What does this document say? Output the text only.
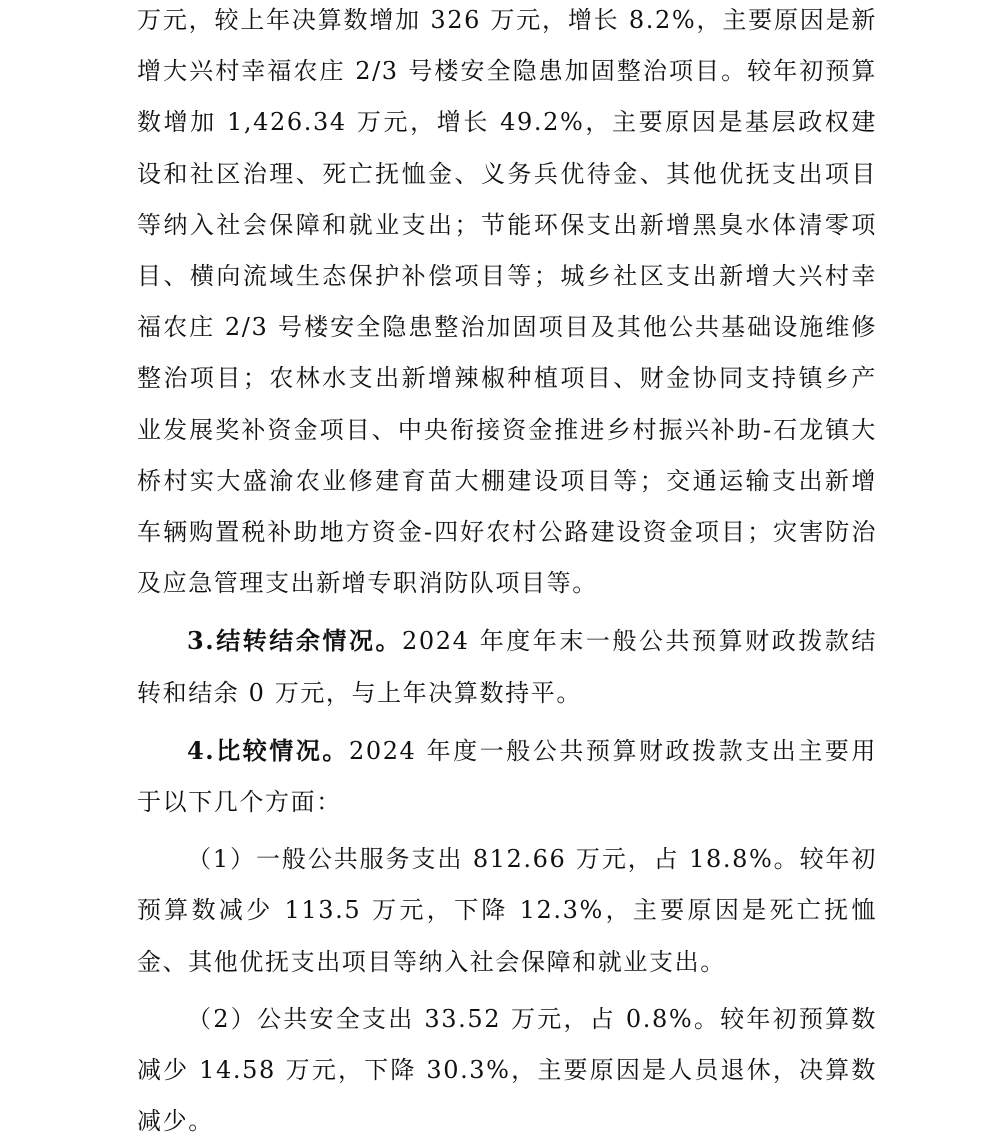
万元，较上年决算数增加 326 万元，增长 8.2%，主要原因是新增大兴村幸福农庄 2/3 号楼安全隐患加固整治项目。较年初预算数增加 1,426.34 万元，增长 49.2%，主要原因是基层政权建设和社区治理、死亡抚恤金、义务兵优待金、其他优抚支出项目等纳入社会保障和就业支出；节能环保支出新增黑臭水体清零项目、横向流域生态保护补偿项目等；城乡社区支出新增大兴村幸福农庄 2/3 号楼安全隐患整治加固项目及其他公共基础设施维修整治项目；农林水支出新增辣椒种植项目、财金协同支持镇乡产业发展奖补资金项目、中央衔接资金推进乡村振兴补助-石龙镇大桥村实大盛渝农业修建育苗大棚建设项目等；交通运输支出新增车辆购置税补助地方资金-四好农村公路建设资金项目；灾害防治及应急管理支出新增专职消防队项目等。

3.结转结余情况。2024 年度年末一般公共预算财政拨款结转和结余 0 万元，与上年决算数持平。

4.比较情况。2024 年度一般公共预算财政拨款支出主要用于以下几个方面：

（1）一般公共服务支出 812.66 万元，占 18.8%。较年初预算数减少 113.5 万元，下降 12.3%，主要原因是死亡抚恤金、其他优抚支出项目等纳入社会保障和就业支出。

（2）公共安全支出 33.52 万元，占 0.8%。较年初预算数减少 14.58 万元，下降 30.3%，主要原因是人员退休，决算数减少。
